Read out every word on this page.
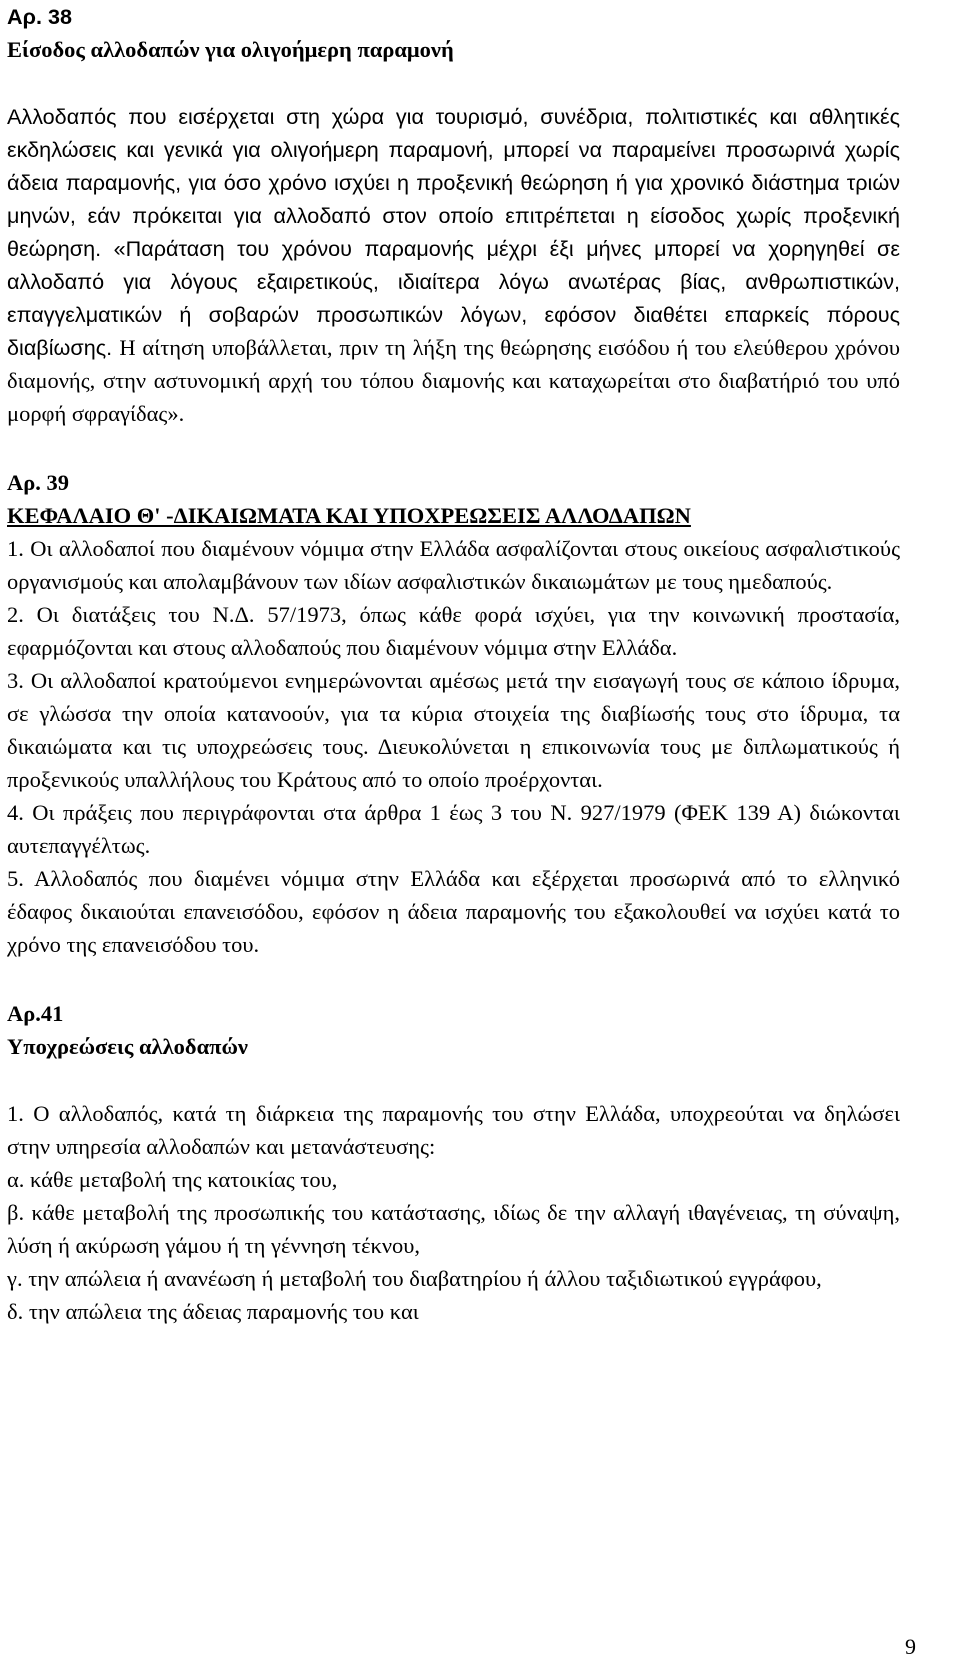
Αρ. 38
Είσοδος αλλοδαπών για ολιγοήμερη παραμονή
Αλλοδαπός που εισέρχεται στη χώρα για τουρισμό, συνέδρια, πολιτιστικές και αθλητικές εκδηλώσεις και γενικά για ολιγοήμερη παραμονή, μπορεί να παραμείνει προσωρινά χωρίς άδεια παραμονής, για όσο χρόνο ισχύει η προξενική θεώρηση ή για χρονικό διάστημα τριών μηνών, εάν πρόκειται για αλλοδαπό στον οποίο επιτρέπεται η είσοδος χωρίς προξενική θεώρηση. «Παράταση του χρόνου παραμονής μέχρι έξι μήνες μπορεί να χορηγηθεί σε αλλοδαπό για λόγους εξαιρετικούς, ιδιαίτερα λόγω ανωτέρας βίας, ανθρωπιστικών, επαγγελματικών ή σοβαρών προσωπικών λόγων, εφόσον διαθέτει επαρκείς πόρους διαβίωσης. Η αίτηση υποβάλλεται, πριν τη λήξη της θεώρησης εισόδου ή του ελεύθερου χρόνου διαμονής, στην αστυνομική αρχή του τόπου διαμονής και καταχωρείται στο διαβατήριό του υπό μορφή σφραγίδας».
Αρ. 39
ΚΕΦΑΛΑΙΟ Θ' -ΔΙΚΑΙΩΜΑΤΑ ΚΑΙ ΥΠΟΧΡΕΩΣΕΙΣ ΑΛΛΟΔΑΠΩΝ
1. Οι αλλοδαποί που διαμένουν νόμιμα στην Ελλάδα ασφαλίζονται στους οικείους ασφαλιστικούς οργανισμούς και απολαμβάνουν των ιδίων ασφαλιστικών δικαιωμάτων με τους ημεδαπούς.
2. Οι διατάξεις του Ν.Δ. 57/1973, όπως κάθε φορά ισχύει, για την κοινωνική προστασία, εφαρμόζονται και στους αλλοδαπούς που διαμένουν νόμιμα στην Ελλάδα.
3. Οι αλλοδαποί κρατούμενοι ενημερώνονται αμέσως μετά την εισαγωγή τους σε κάποιο ίδρυμα, σε γλώσσα την οποία κατανοούν, για τα κύρια στοιχεία της διαβίωσής τους στο ίδρυμα, τα δικαιώματα και τις υποχρεώσεις τους. Διευκολύνεται η επικοινωνία τους με διπλωματικούς ή προξενικούς υπαλλήλους του Κράτους από το οποίο προέρχονται.
4. Οι πράξεις που περιγράφονται στα άρθρα 1 έως 3 του Ν. 927/1979 (ΦΕΚ 139 Α) διώκονται αυτεπαγγέλτως.
5. Αλλοδαπός που διαμένει νόμιμα στην Ελλάδα και εξέρχεται προσωρινά από το ελληνικό έδαφος δικαιούται επανεισόδου, εφόσον η άδεια παραμονής του εξακολουθεί να ισχύει κατά το χρόνο της επανεισόδου του.
Αρ.41
Υποχρεώσεις αλλοδαπών
1. Ο αλλοδαπός, κατά τη διάρκεια της παραμονής του στην Ελλάδα, υποχρεούται να δηλώσει στην υπηρεσία αλλοδαπών και μετανάστευσης:
α. κάθε μεταβολή της κατοικίας του,
β. κάθε μεταβολή της προσωπικής του κατάστασης, ιδίως δε την αλλαγή ιθαγένειας, τη σύναψη, λύση ή ακύρωση γάμου ή τη γέννηση τέκνου,
γ. την απώλεια ή ανανέωση ή μεταβολή του διαβατηρίου ή άλλου ταξιδιωτικού εγγράφου,
δ. την απώλεια της άδειας παραμονής του και
9
